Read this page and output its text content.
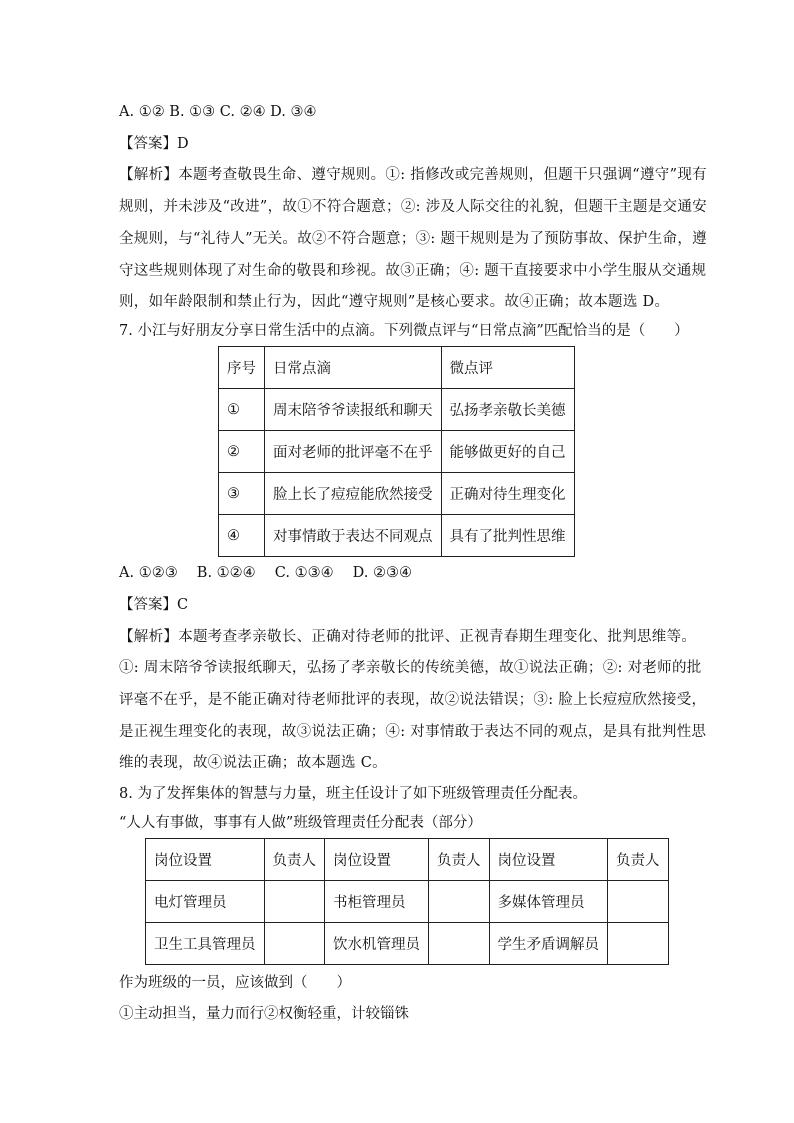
A. ①② B. ①③ C. ②④ D. ③④
【答案】D
【解析】本题考查敬畏生命、遵守规则。①: 指修改或完善规则，但题干只强调“遵守”现有
规则，并未涉及“改进”，故①不符合题意；②: 涉及人际交往的礼貌，但题干主题是交通安
全规则，与“礼待人”无关。故②不符合题意；③: 题干规则是为了预防事故、保护生命，遵
守这些规则体现了对生命的敬畏和珍视。故③正确；④: 题干直接要求中小学生服从交通规
则，如年龄限制和禁止行为，因此“遵守规则”是核心要求。故④正确；故本题选 D。
7. 小江与好朋友分享日常生活中的点滴。下列微点评与“日常点滴”匹配恰当的是（　　）
序号	日常点滴	微点评
①	周末陪爷爷读报纸和聊天	弘扬孝亲敬长美德
②	面对老师的批评毫不在乎	能够做更好的自己
③	脸上长了痘痘能欣然接受	正确对待生理变化
④	对事情敢于表达不同观点	具有了批判性思维
A. ①②③　 B. ①②④　 C. ①③④　 D. ②③④
【答案】C
【解析】本题考查孝亲敬长、正确对待老师的批评、正视青春期生理变化、批判思维等。
①: 周末陪爷爷读报纸聊天，弘扬了孝亲敬长的传统美德，故①说法正确；②: 对老师的批
评毫不在乎，是不能正确对待老师批评的表现，故②说法错误；③: 脸上长痘痘欣然接受，
是正视生理变化的表现，故③说法正确；④: 对事情敢于表达不同的观点，是具有批判性思
维的表现，故④说法正确；故本题选 C。
8. 为了发挥集体的智慧与力量，班主任设计了如下班级管理责任分配表。
“人人有事做，事事有人做”班级管理责任分配表（部分）
岗位设置	负责人	岗位设置	负责人	岗位设置	负责人
电灯管理员		书柜管理员		多媒体管理员	
卫生工具管理员		饮水机管理员		学生矛盾调解员	
作为班级的一员，应该做到（　　）
①主动担当，量力而行②权衡轻重，计较锱铢
